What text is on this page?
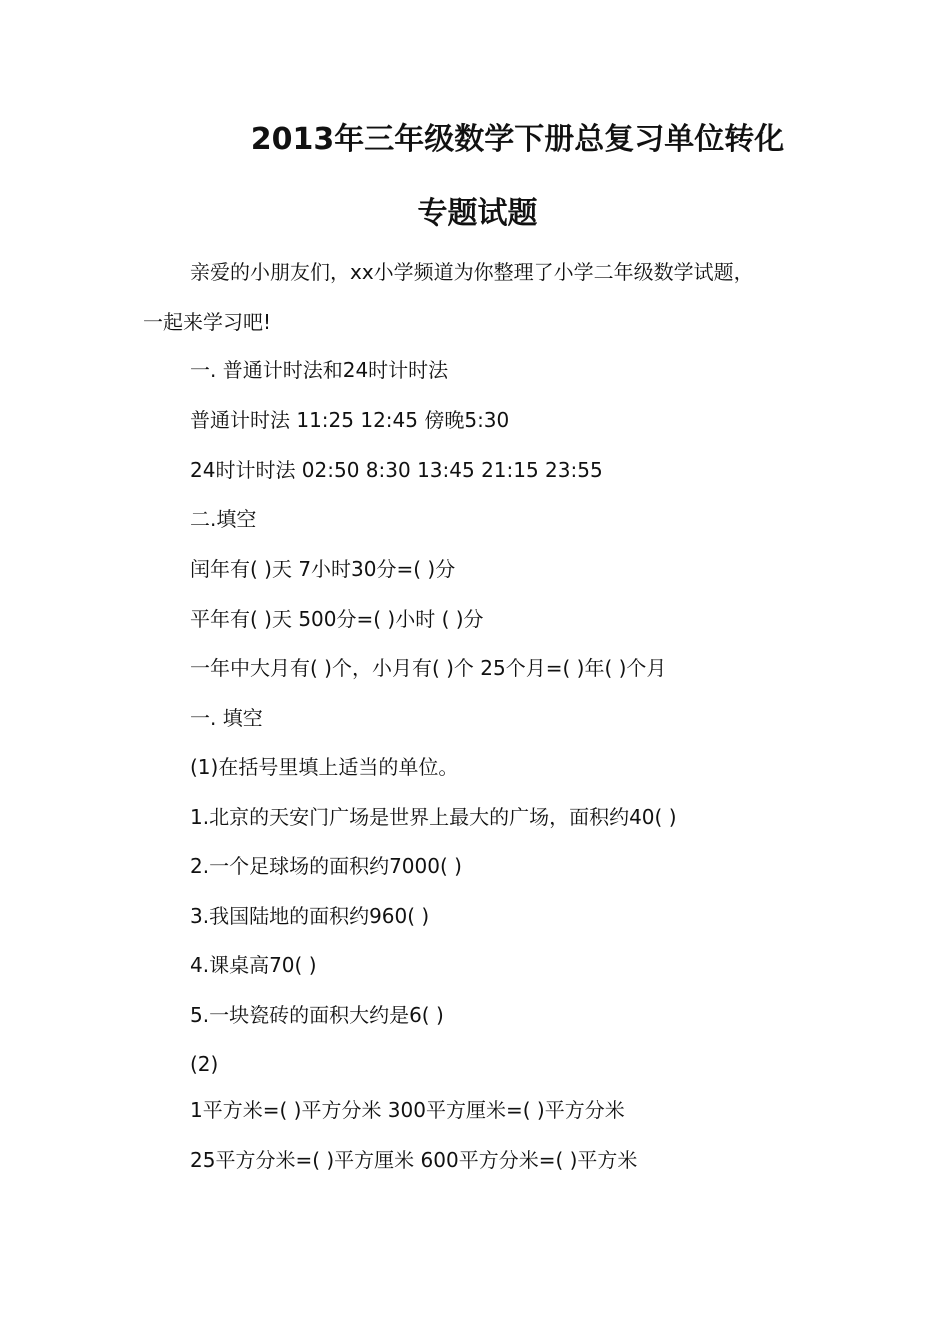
2013年三年级数学下册总复习单位转化
专题试题

亲爱的小朋友们，xx小学频道为你整理了小学二年级数学试题，

一起来学习吧!

一. 普通计时法和24时计时法

普通计时法 11:25 12:45 傍晚5:30

24时计时法 02:50 8:30 13:45 21:15 23:55

二.填空

闰年有( )天 7小时30分=( )分

平年有( )天 500分=( )小时 ( )分

一年中大月有( )个，小月有( )个 25个月=( )年( )个月

一. 填空

(1)在括号里填上适当的单位。

1.北京的天安门广场是世界上最大的广场，面积约40( )

2.一个足球场的面积约7000( )

3.我国陆地的面积约960( )

4.课桌高70( )

5.一块瓷砖的面积大约是6( )

(2)

1平方米=( )平方分米 300平方厘米=( )平方分米

25平方分米=( )平方厘米 600平方分米=( )平方米
